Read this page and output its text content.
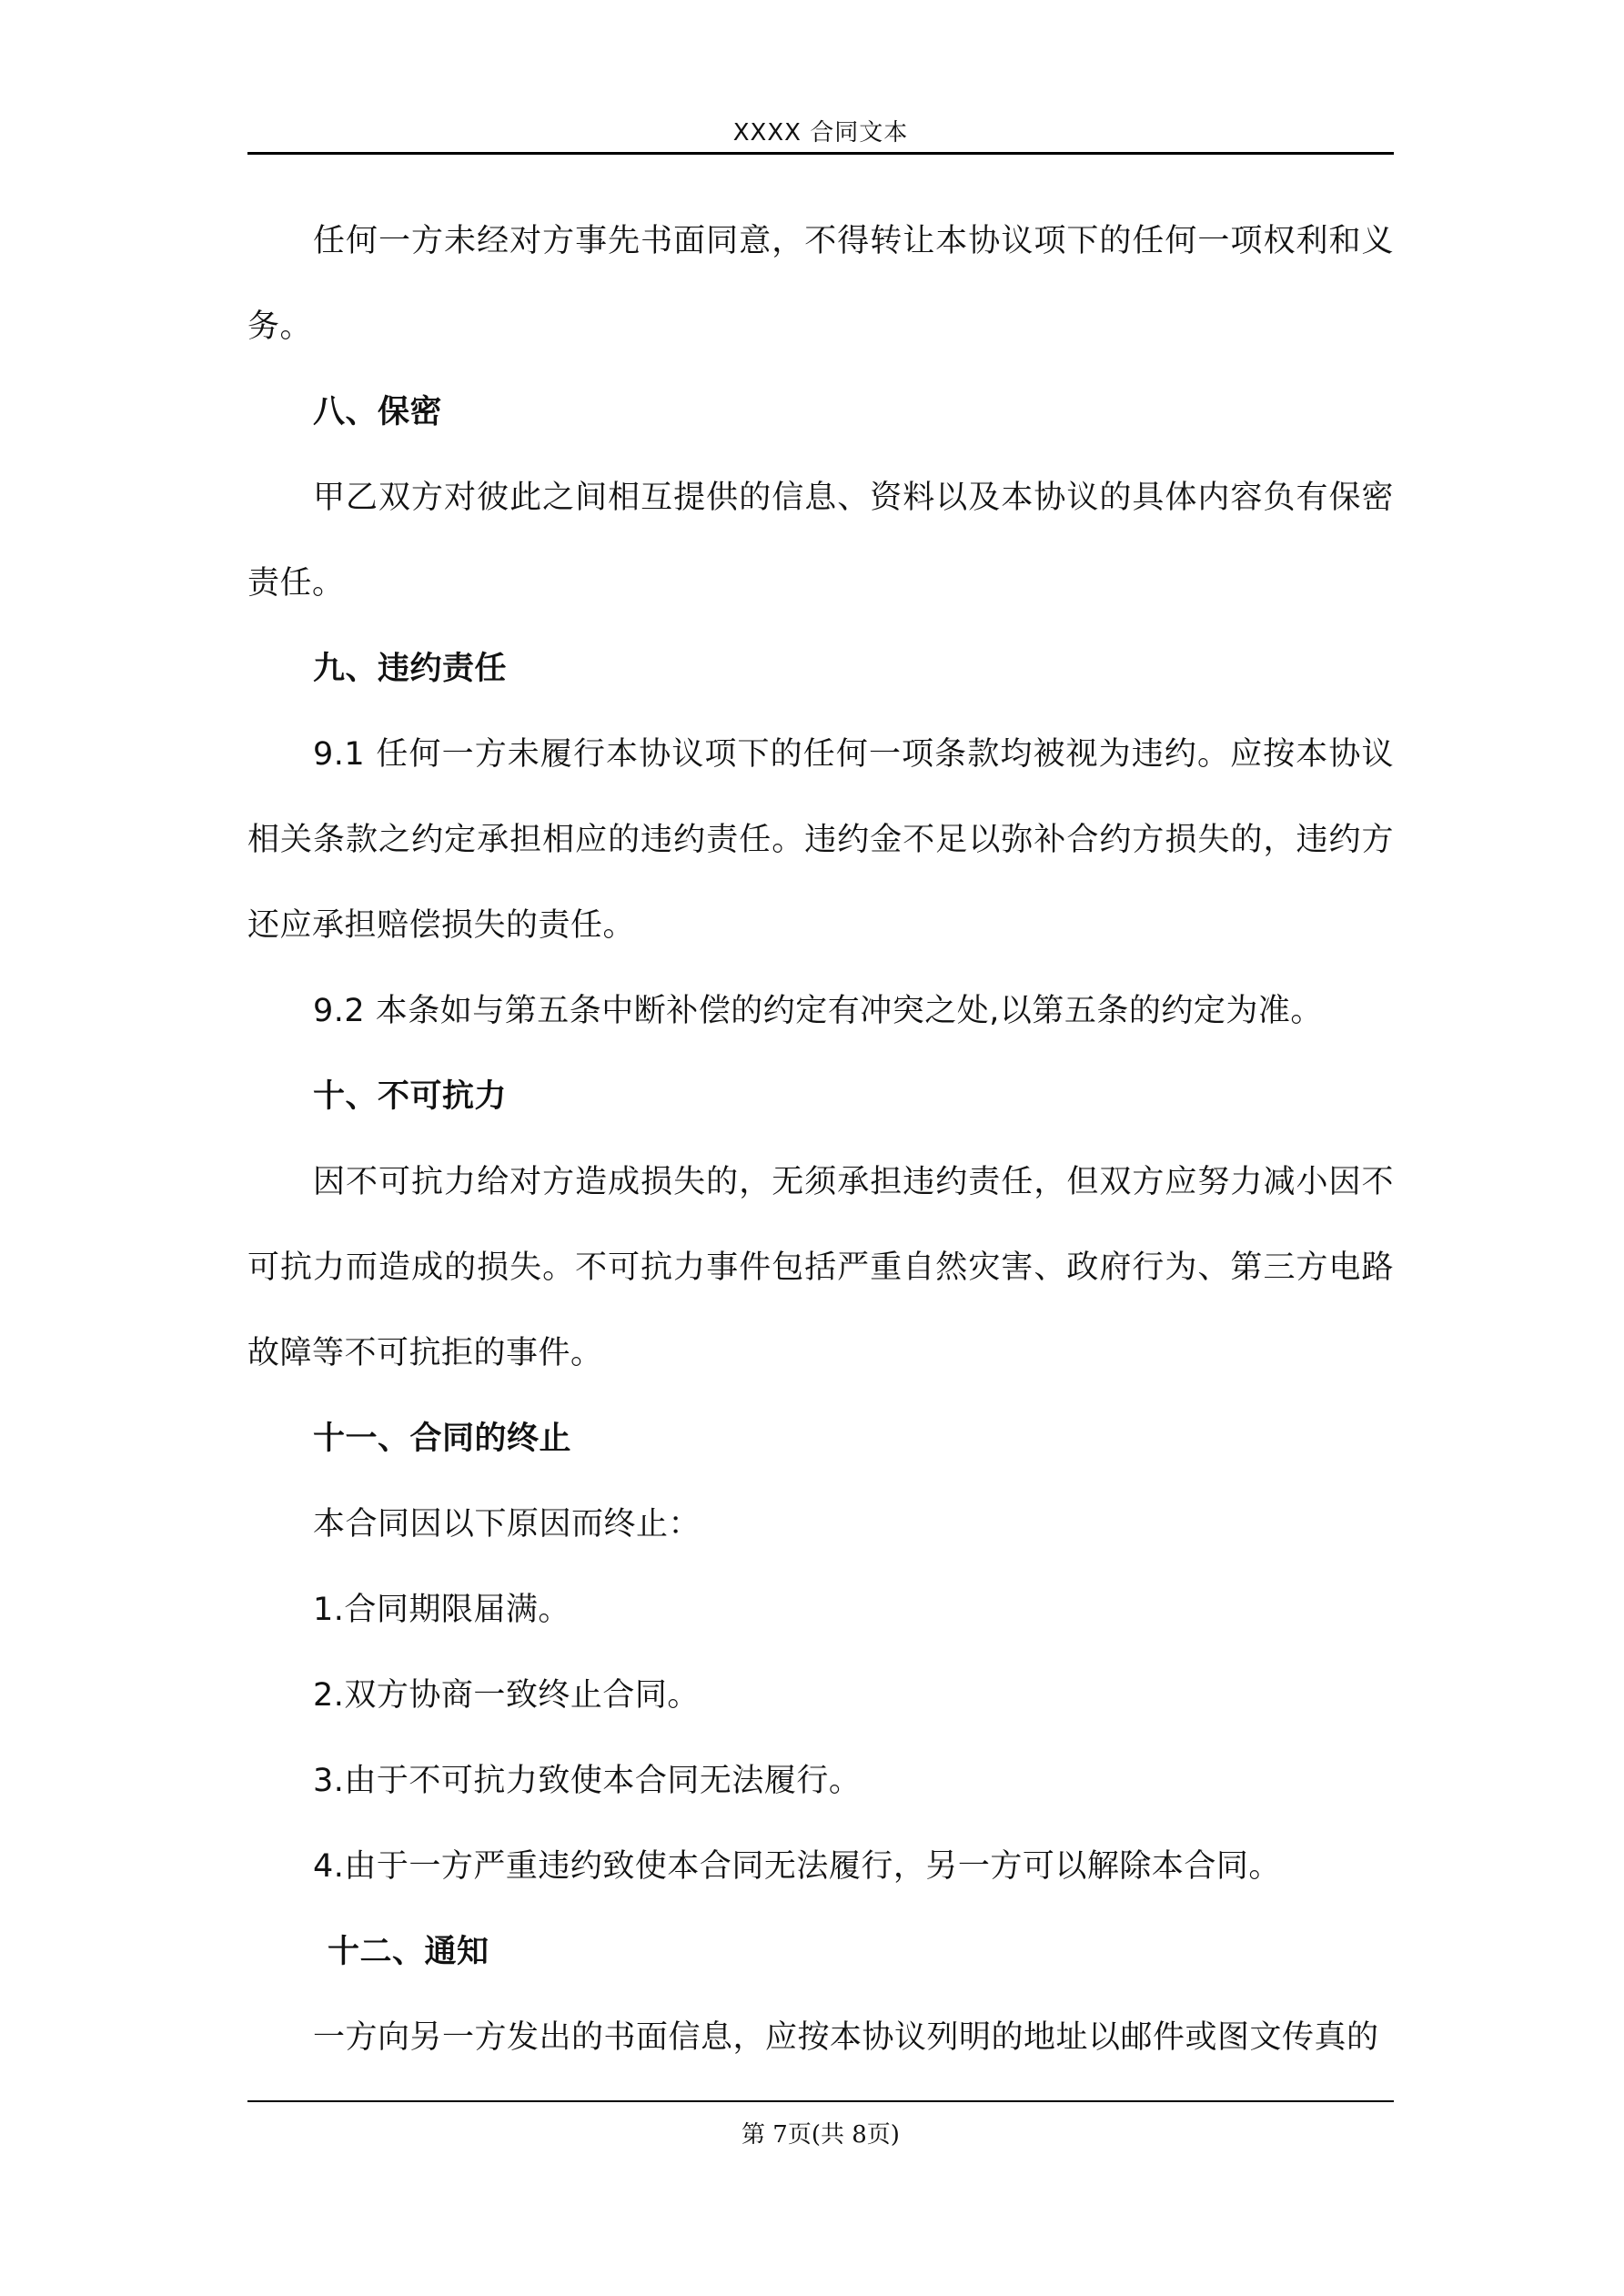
XXXX 合同文本

任何一方未经对方事先书面同意，不得转让本协议项下的任何一项权利和义务。

八、保密

甲乙双方对彼此之间相互提供的信息、资料以及本协议的具体内容负有保密责任。

九、违约责任

9.1 任何一方未履行本协议项下的任何一项条款均被视为违约。应按本协议相关条款之约定承担相应的违约责任。违约金不足以弥补合约方损失的，违约方还应承担赔偿损失的责任。

9.2 本条如与第五条中断补偿的约定有冲突之处,以第五条的约定为准。

十、不可抗力

因不可抗力给对方造成损失的，无须承担违约责任，但双方应努力减小因不可抗力而造成的损失。不可抗力事件包括严重自然灾害、政府行为、第三方电路故障等不可抗拒的事件。

十一、合同的终止

本合同因以下原因而终止：

1.合同期限届满。

2.双方协商一致终止合同。

3.由于不可抗力致使本合同无法履行。

4.由于一方严重违约致使本合同无法履行，另一方可以解除本合同。

十二、通知

一方向另一方发出的书面信息，应按本协议列明的地址以邮件或图文传真的

第 7页(共 8页)
